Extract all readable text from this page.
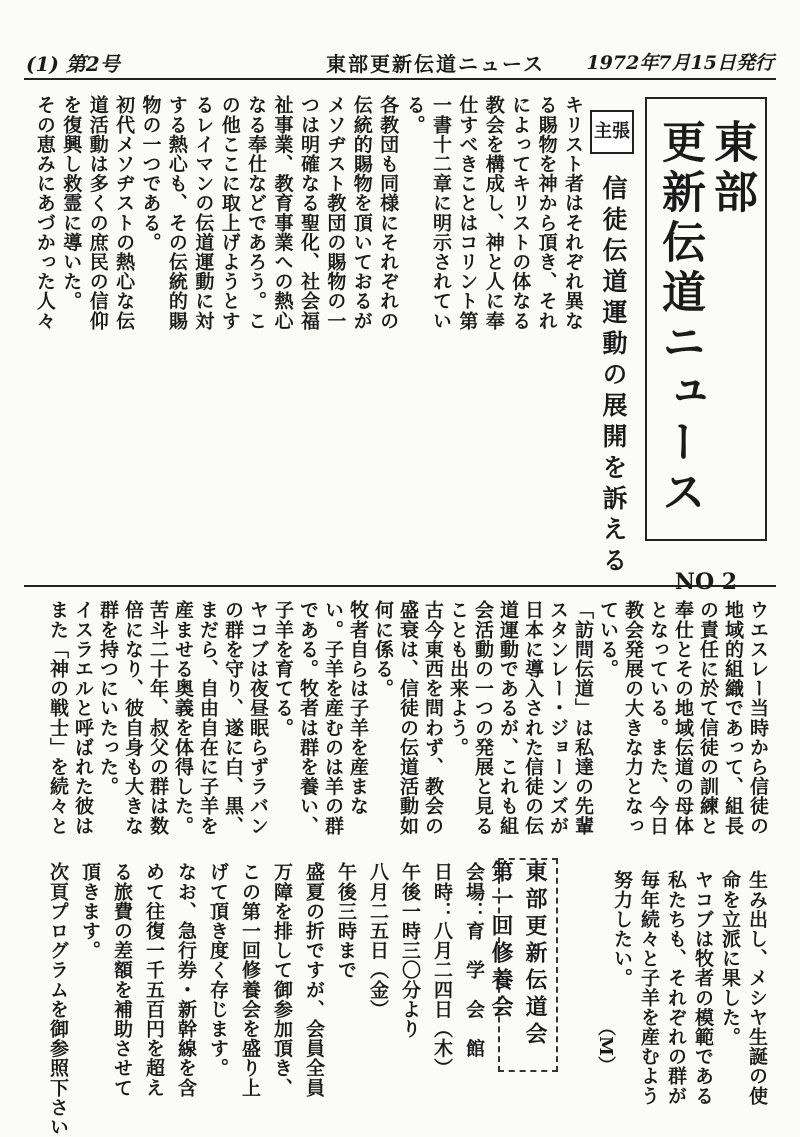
(1) 第2号	東部更新伝道ニュース 1972年7月15日発行
東部
更新伝道ニュース
NO 2
主張
信徒伝道運動の展開を訴える
キリスト者はそれぞれ異な
る賜物を神から頂き、それ
によってキリストの体なる
教会を構成し、神と人に奉
仕すべきことはコリント第
一書十二章に明示されてい
る。
各教団も同様にそれぞれの
伝統的賜物を頂いておるが
メソヂスト教団の賜物の一
つは明確なる聖化、社会福
祉事業、教育事業への熱心
なる奉仕などであろう。こ
の他ここに取上げようとす
るレイマンの伝道運動に対
する熱心も、その伝統的賜
物の一つである。
初代メソヂストの熱心な伝
道活動は多くの庶民の信仰
を復興し救霊に導いた。
その恵みにあづかった人々
ウエスレー当時から信徒の
地域的組織であって、組長
の責任に於て信徒の訓練と
奉仕とその地域伝道の母体
となっている。また、今日
教会発展の大きな力となっ
ている。
「訪問伝道」は私達の先輩
スタンレー・ジョーンズが
日本に導入された信徒の伝
道運動であるが、これも組
会活動の一つの発展と見る
ことも出来よう。
古今東西を問わず、教会の
盛衰は、信徒の伝道活動如
何に係る。
牧者自らは子羊を産まな
い。子羊を産むのは羊の群
である。牧者は群を養い、
子羊を育てる。
ヤコブは夜昼眠らずラバン
の群を守り、遂に白、黒、
まだら、自由自在に子羊を
産ませる奥義を体得した。
苦斗二十年、叔父の群は数
倍になり、彼自身も大きな
群を持つにいたった。
イスラエルと呼ばれた彼は
また「神の戦士」を続々と
生み出し、メシヤ生誕の使
命を立派に果した。
ヤコブは牧者の模範である
私たちも、それぞれの群が
毎年続々と子羊を産むよう
努力したい。
（M）
東部更新伝道会
第一回修養会
会場：育　学　会　館
日時：八月二四日（木）
午後一時三〇分より
八月二五日（金）
午後三時まで
盛夏の折ですが、会員全員
万障を排して御参加頂き、
この第一回修養会を盛り上
げて頂き度く存じます。
なお、急行券・新幹線を含
めて往復一千五百円を超え
る旅費の差額を補助させて
頂きます。
次頁プログラムを御参照下さい
